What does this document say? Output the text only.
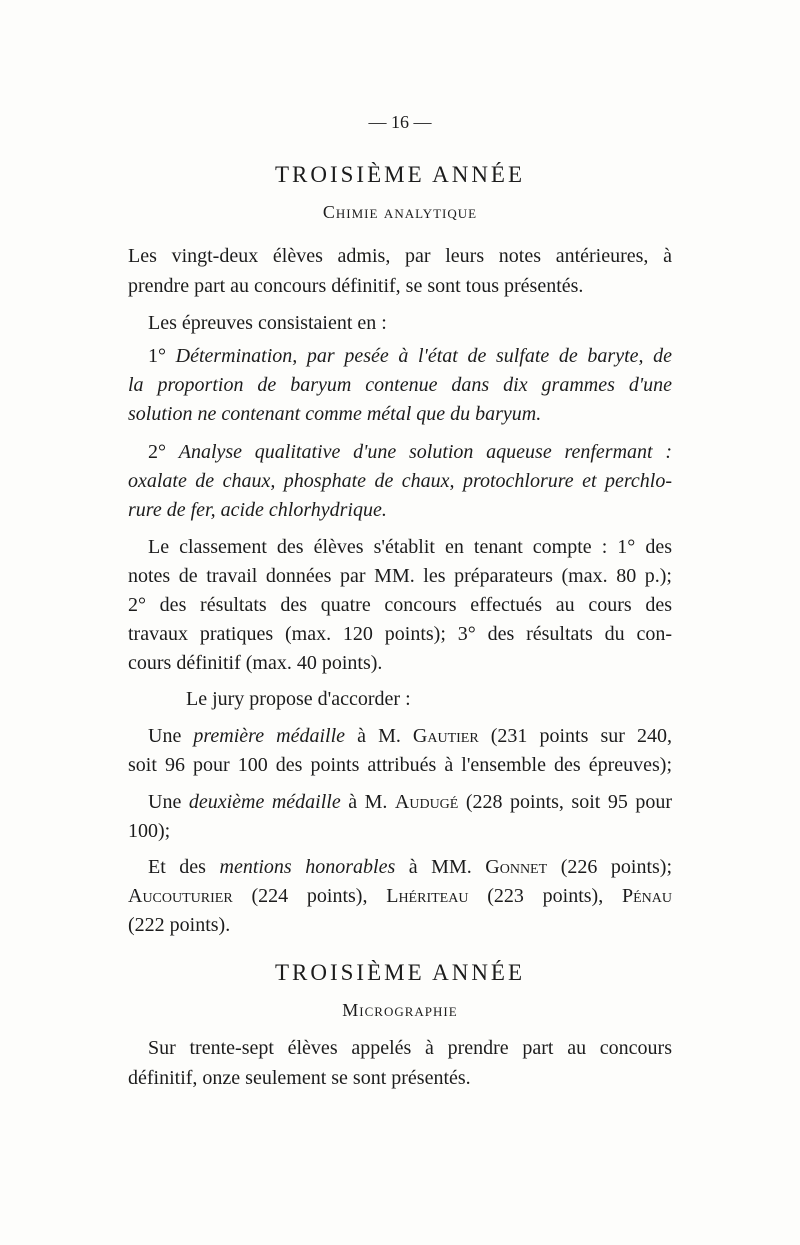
— 16 —
TROISIÈME ANNÉE
Chimie analytique
Les vingt-deux élèves admis, par leurs notes antérieures, à
prendre part au concours définitif, se sont tous présentés.
Les épreuves consistaient en :
1° Détermination, par pesée à l'état de sulfate de baryte, de
la proportion de baryum contenue dans dix grammes d'une
solution ne contenant comme métal que du baryum.
2° Analyse qualitative d'une solution aqueuse renfermant :
oxalate de chaux, phosphate de chaux, protochlorure et perchlo-
rure de fer, acide chlorhydrique.
Le classement des élèves s'établit en tenant compte : 1° des
notes de travail données par MM. les préparateurs (max. 80 p.);
2° des résultats des quatre concours effectués au cours des
travaux pratiques (max. 120 points); 3° des résultats du con-
cours définitif (max. 40 points).
Le jury propose d'accorder :
Une première médaille à M. Gautier (231 points sur 240,
soit 96 pour 100 des points attribués à l'ensemble des épreuves);
Une deuxième médaille à M. Audugé (228 points, soit 95 pour
100);
Et des mentions honorables à MM. Gonnet (226 points);
Aucouturier (224 points), Lhériteau (223 points), Pénau
(222 points).
TROISIÈME ANNÉE
Micrographie
Sur trente-sept élèves appelés à prendre part au concours
définitif, onze seulement se sont présentés.
